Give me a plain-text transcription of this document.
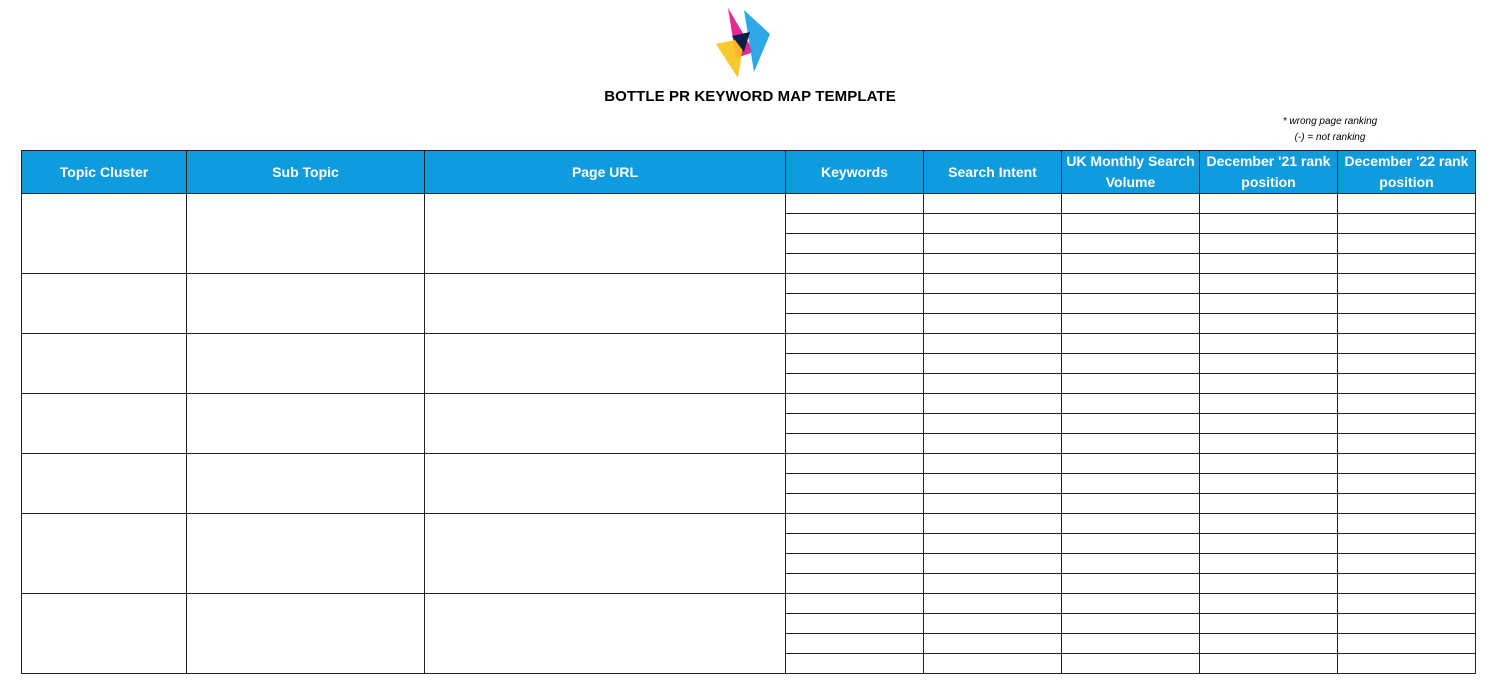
BOTTLE PR KEYWORD MAP TEMPLATE
* wrong page ranking
(-) = not ranking
Topic Cluster	Sub Topic	Page URL	Keywords	Search Intent	UK Monthly Search Volume	December '21 rank position	December '22 rank position
